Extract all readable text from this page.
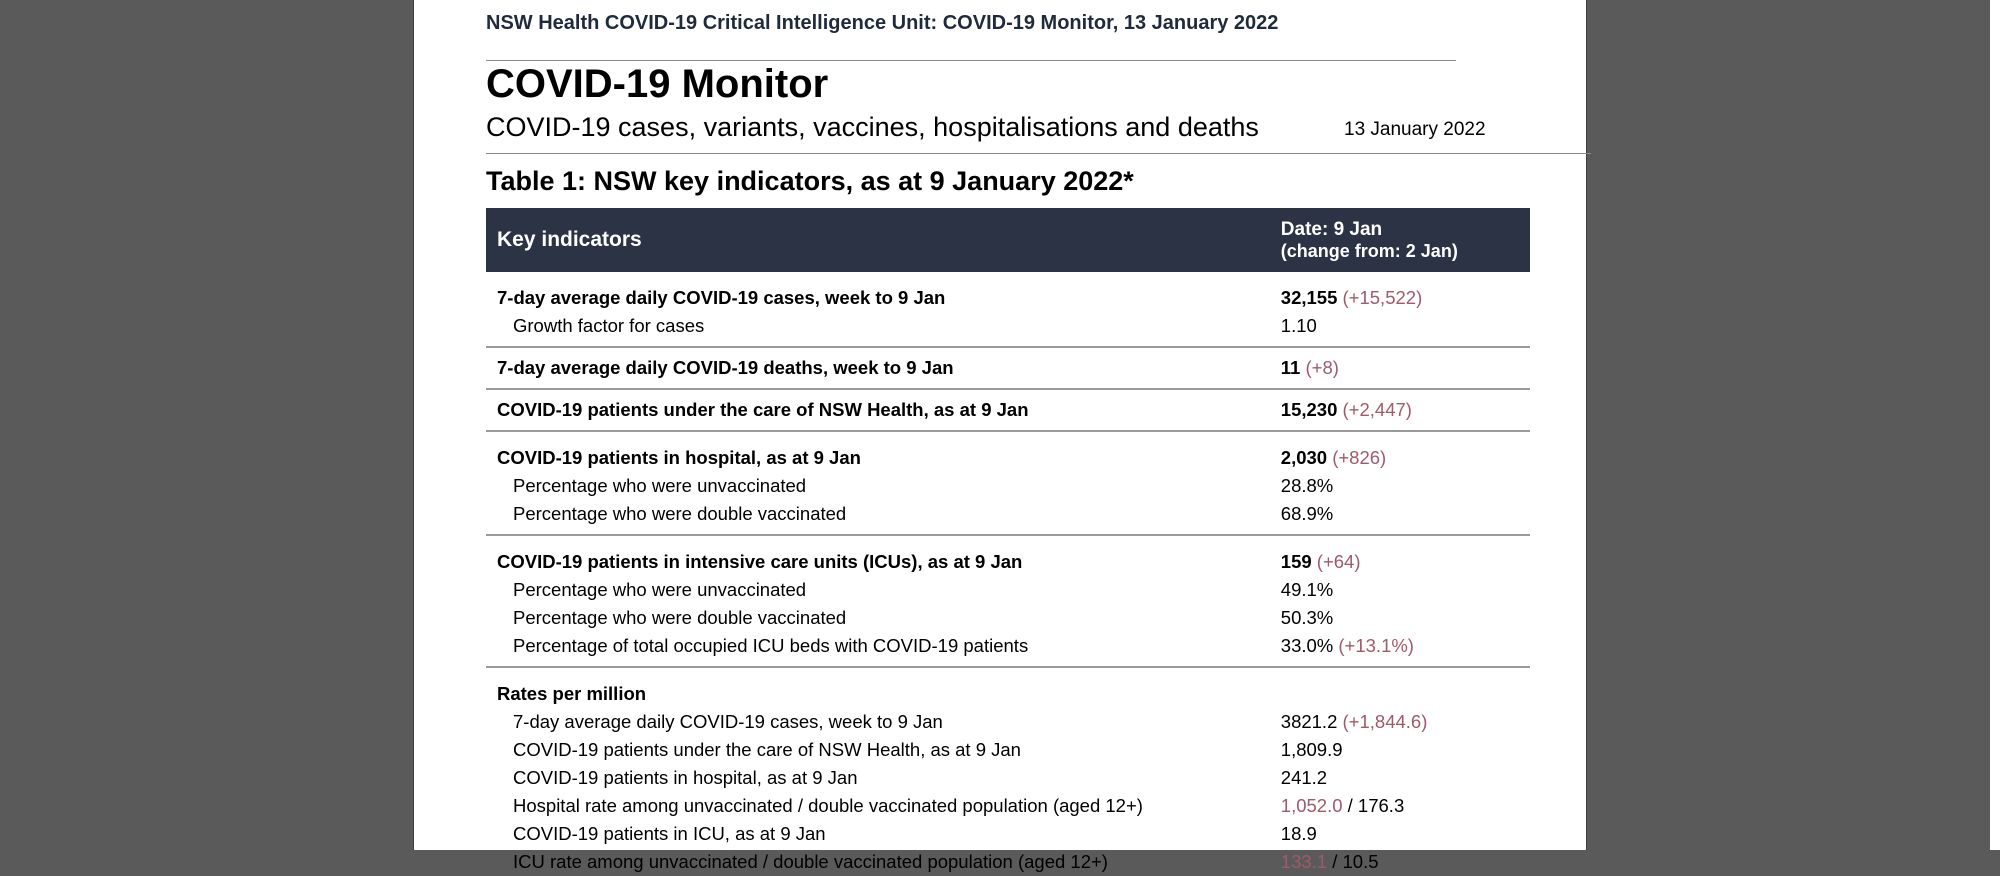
NSW Health COVID-19 Critical Intelligence Unit: COVID-19 Monitor, 13 January 2022
COVID-19 Monitor
COVID-19 cases, variants, vaccines, hospitalisations and deaths	13 January 2022
Table 1: NSW key indicators, as at 9 January 2022*
Key indicators	Date: 9 Jan
(change from: 2 Jan)

7-day average daily COVID-19 cases, week to 9 Jan	32,155 (+15,522)
Growth factor for cases	1.10
7-day average daily COVID-19 deaths, week to 9 Jan	11 (+8)
COVID-19 patients under the care of NSW Health, as at 9 Jan	15,230 (+2,447)
COVID-19 patients in hospital, as at 9 Jan	2,030 (+826)
Percentage who were unvaccinated	28.8%
Percentage who were double vaccinated	68.9%
COVID-19 patients in intensive care units (ICUs), as at 9 Jan	159 (+64)
Percentage who were unvaccinated	49.1%
Percentage who were double vaccinated	50.3%
Percentage of total occupied ICU beds with COVID-19 patients	33.0% (+13.1%)
Rates per million	
7-day average daily COVID-19 cases, week to 9 Jan	3821.2 (+1,844.6)
COVID-19 patients under the care of NSW Health, as at 9 Jan	1,809.9
COVID-19 patients in hospital, as at 9 Jan	241.2
Hospital rate among unvaccinated / double vaccinated population (aged 12+)	1,052.0 / 176.3
COVID-19 patients in ICU, as at 9 Jan	18.9
ICU rate among unvaccinated / double vaccinated population (aged 12+)	133.1 / 10.5
